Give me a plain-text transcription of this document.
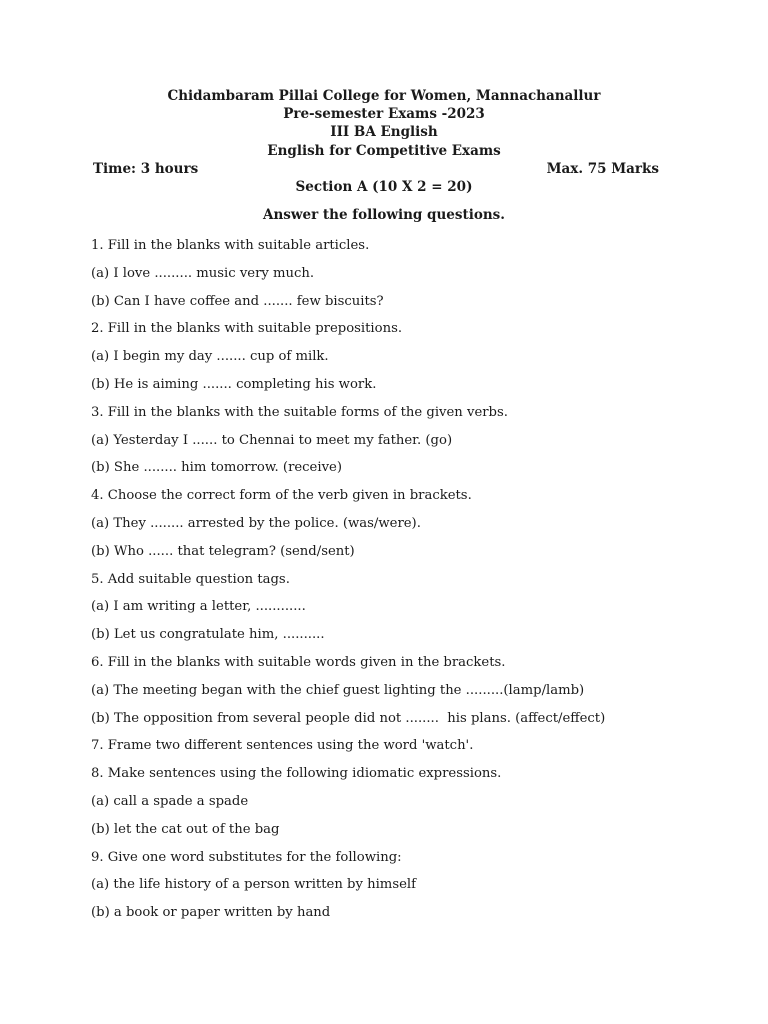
Chidambaram Pillai College for Women, Mannachanallur
Pre-semester Exams -2023
III BA English
English for Competitive Exams
Time: 3 hours	Max. 75 Marks
Section A (10 X 2 = 20)
Answer the following questions.
1. Fill in the blanks with suitable articles.
(a) I love ......... music very much.
(b) Can I have coffee and ....... few biscuits?
2. Fill in the blanks with suitable prepositions.
(a) I begin my day ....... cup of milk.
(b) He is aiming ....... completing his work.
3. Fill in the blanks with the suitable forms of the given verbs.
(a) Yesterday I ...... to Chennai to meet my father. (go)
(b) She ........ him tomorrow. (receive)
4. Choose the correct form of the verb given in brackets.
(a) They ........ arrested by the police. (was/were).
(b) Who ...... that telegram? (send/sent)
5. Add suitable question tags.
(a) I am writing a letter, ............
(b) Let us congratulate him, ..........
6. Fill in the blanks with suitable words given in the brackets.
(a) The meeting began with the chief guest lighting the .........(lamp/lamb)
(b) The opposition from several people did not ........  his plans. (affect/effect)
7. Frame two different sentences using the word 'watch'.
8. Make sentences using the following idiomatic expressions.
(a) call a spade a spade
(b) let the cat out of the bag
9. Give one word substitutes for the following:
(a) the life history of a person written by himself
(b) a book or paper written by hand
